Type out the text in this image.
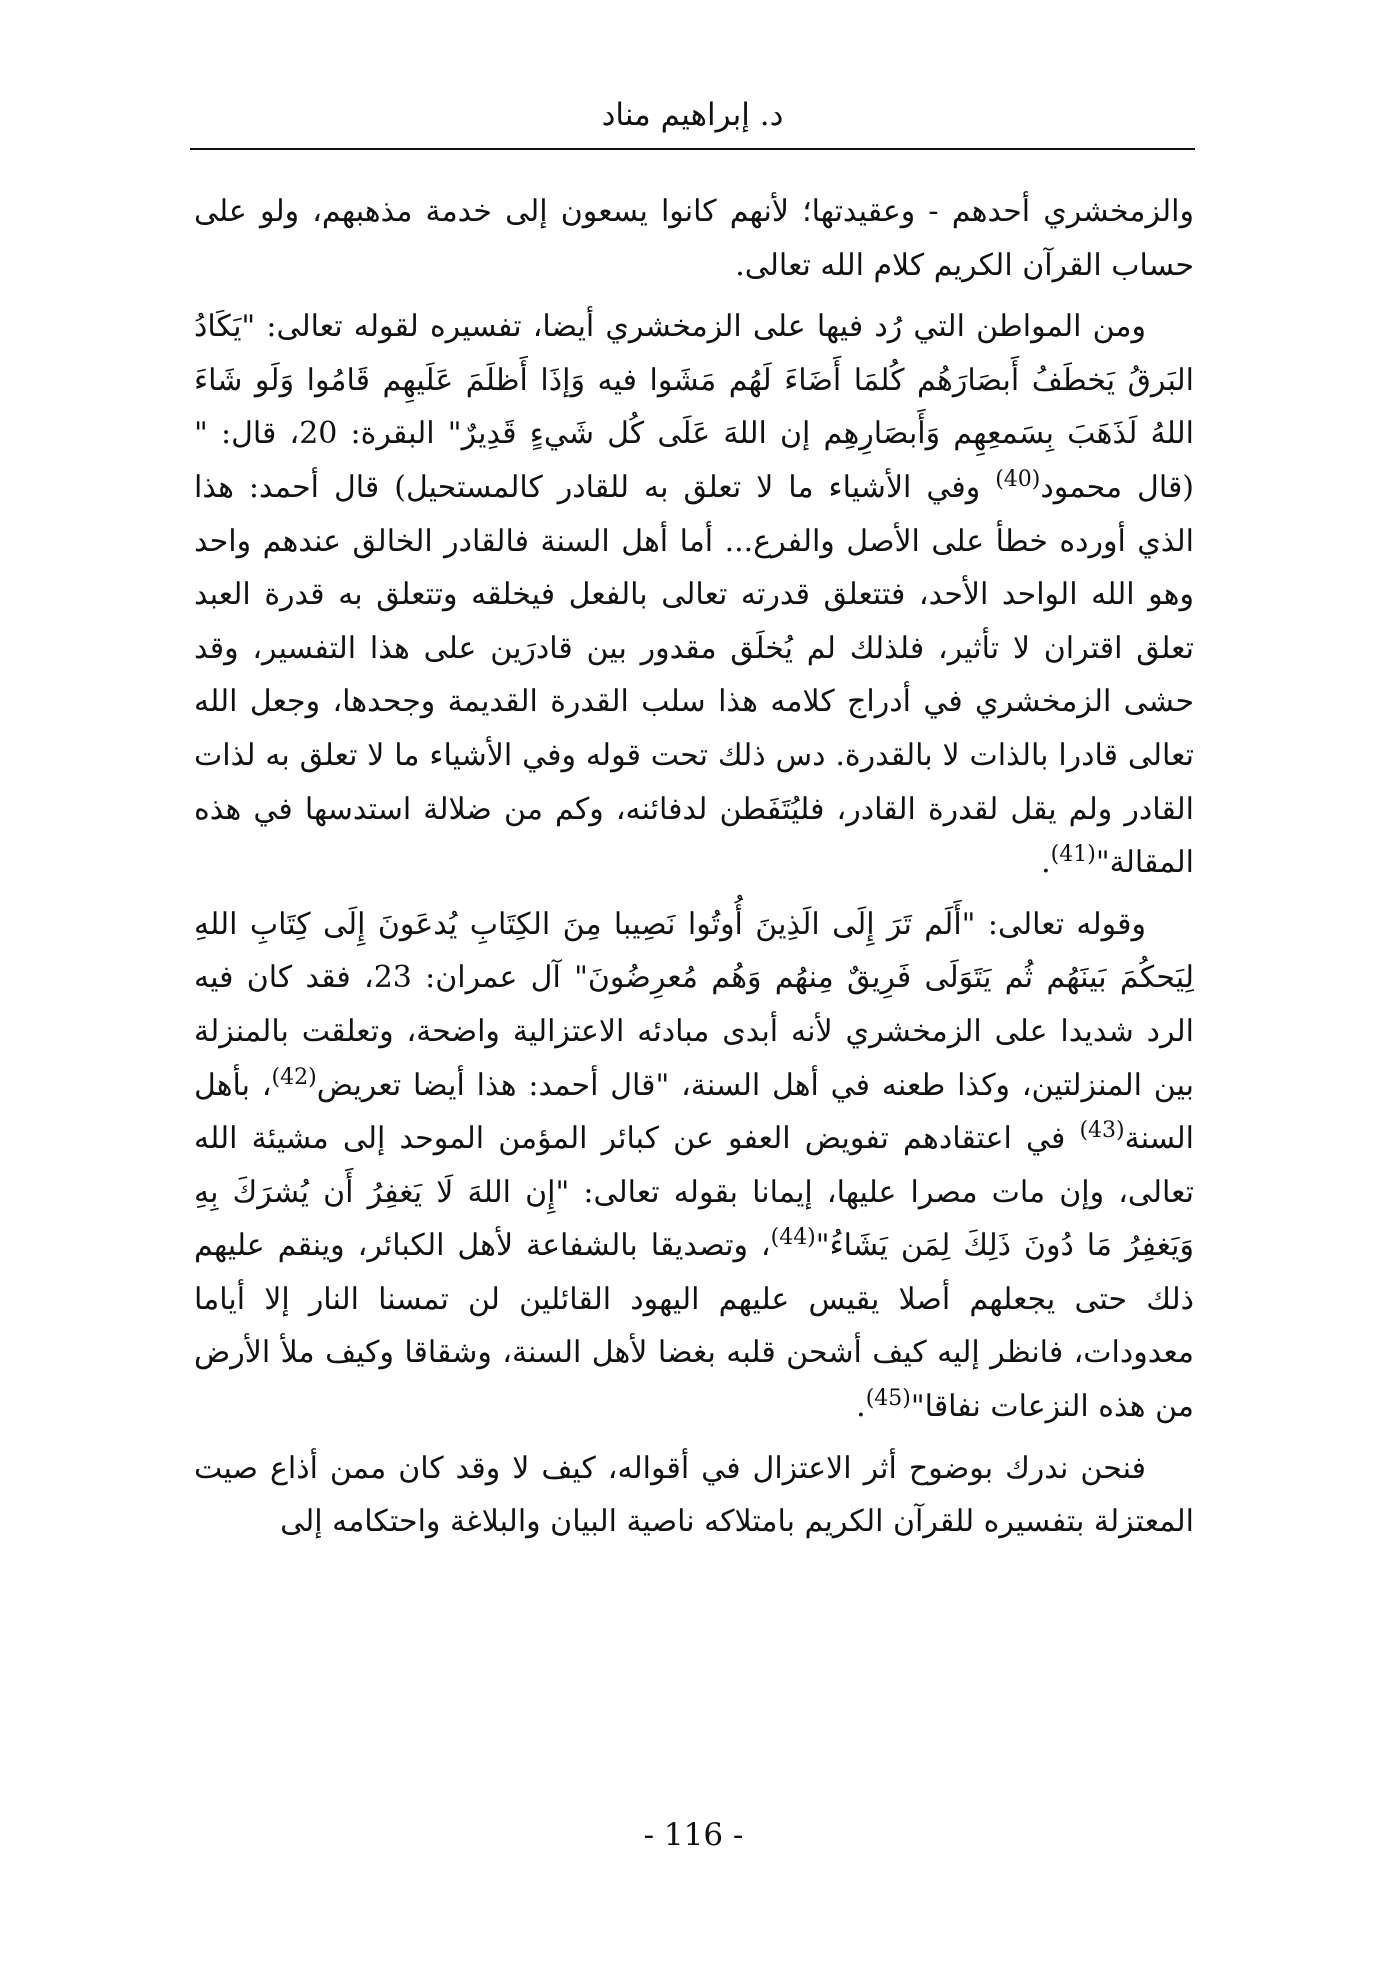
د. إبراهيم مناد

والزمخشري أحدهم - وعقيدتها؛ لأنهم كانوا يسعون إلى خدمة مذهبهم، ولو على حساب القرآن الكريم كلام الله تعالى.

ومن المواطن التي رُد فيها على الزمخشري أيضا، تفسيره لقوله تعالى: "يَكَادُ البَرقُ يَخطَفُ أَبصَارَهُم كُلمَا أَضَاءَ لَهُم مَشَوا فيه وَإذَا أَظلَمَ عَلَيهِم قَامُوا وَلَو شَاءَ اللهُ لَذَهَبَ بِسَمعِهِم وَأَبصَارِهِم إن اللهَ عَلَى كُل شَيءٍ قَدِيرٌ" البقرة: 20، قال: "(قال محمود$^{(40)}$ وفي الأشياء ما لا تعلق به للقادر كالمستحيل) قال أحمد: هذا الذي أورده خطأ على الأصل والفرع... أما أهل السنة فالقادر الخالق عندهم واحد وهو الله الواحد الأحد، فتتعلق قدرته تعالى بالفعل فيخلقه وتتعلق به قدرة العبد تعلق اقتران لا تأثير، فلذلك لم يُخلَق مقدور بين قادرَين على هذا التفسير، وقد حشى الزمخشري في أدراج كلامه هذا سلب القدرة القديمة وجحدها، وجعل الله تعالى قادرا بالذات لا بالقدرة. دس ذلك تحت قوله وفي الأشياء ما لا تعلق به لذات القادر ولم يقل لقدرة القادر، فليُتَفَطن لدفائنه، وكم من ضلالة استدسها في هذه المقالة"$^{(41)}$.

وقوله تعالى: "أَلَم تَرَ إِلَى الَذِينَ أُوتُوا نَصِيبا مِنَ الكِتَابِ يُدعَونَ إِلَى كِتَابِ اللهِ لِيَحكُمَ بَينَهُم ثُم يَتَوَلَى فَرِيقٌ مِنهُم وَهُم مُعرِضُونَ" آل عمران: 23، فقد كان فيه الرد شديدا على الزمخشري لأنه أبدى مبادئه الاعتزالية واضحة، وتعلقت بالمنزلة بين المنزلتين، وكذا طعنه في أهل السنة، "قال أحمد: هذا أيضا تعريض$^{(42)}$، بأهل السنة$^{(43)}$ في اعتقادهم تفويض العفو عن كبائر المؤمن الموحد إلى مشيئة الله تعالى، وإن مات مصرا عليها، إيمانا بقوله تعالى: "إِن اللهَ لَا يَغفِرُ أَن يُشرَكَ بِهِ وَيَغفِرُ مَا دُونَ ذَلِكَ لِمَن يَشَاءُ"$^{(44)}$، وتصديقا بالشفاعة لأهل الكبائر، وينقم عليهم ذلك حتى يجعلهم أصلا يقيس عليهم اليهود القائلين لن تمسنا النار إلا أياما معدودات، فانظر إليه كيف أشحن قلبه بغضا لأهل السنة، وشقاقا وكيف ملأ الأرض من هذه النزعات نفاقا"$^{(45)}$.

فنحن ندرك بوضوح أثر الاعتزال في أقواله، كيف لا وقد كان ممن أذاع صيت المعتزلة بتفسيره للقرآن الكريم بامتلاكه ناصية البيان والبلاغة واحتكامه إلى

- 116 -
